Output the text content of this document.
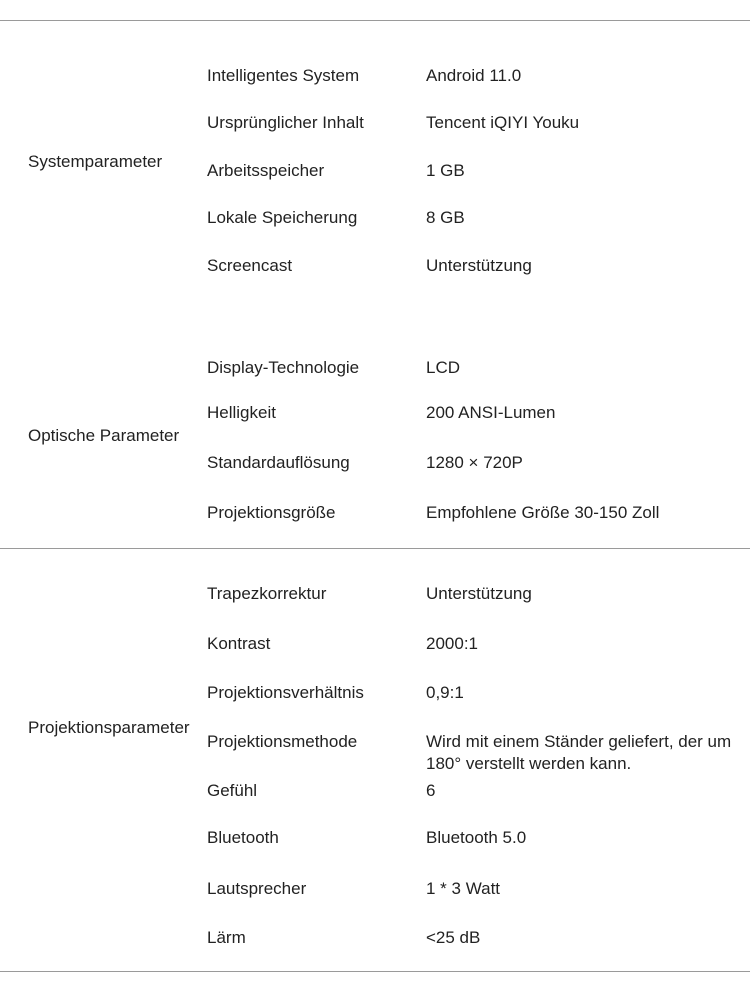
Systemparameter
Intelligentes System	Android 11.0
Ursprünglicher Inhalt	Tencent iQIYI Youku
Arbeitsspeicher	1 GB
Lokale Speicherung	8 GB
Screencast	Unterstützung
Optische Parameter
Display-Technologie	LCD
Helligkeit	200 ANSI-Lumen
Standardauflösung	1280 × 720P
Projektionsgröße	Empfohlene Größe 30-150 Zoll
Projektionsparameter
Trapezkorrektur	Unterstützung
Kontrast	2000:1
Projektionsverhältnis	0,9:1
Projektionsmethode	Wird mit einem Ständer geliefert, der um 180° verstellt werden kann.
Gefühl	6
Bluetooth	Bluetooth 5.0
Lautsprecher	1 * 3 Watt
Lärm	<25 dB
